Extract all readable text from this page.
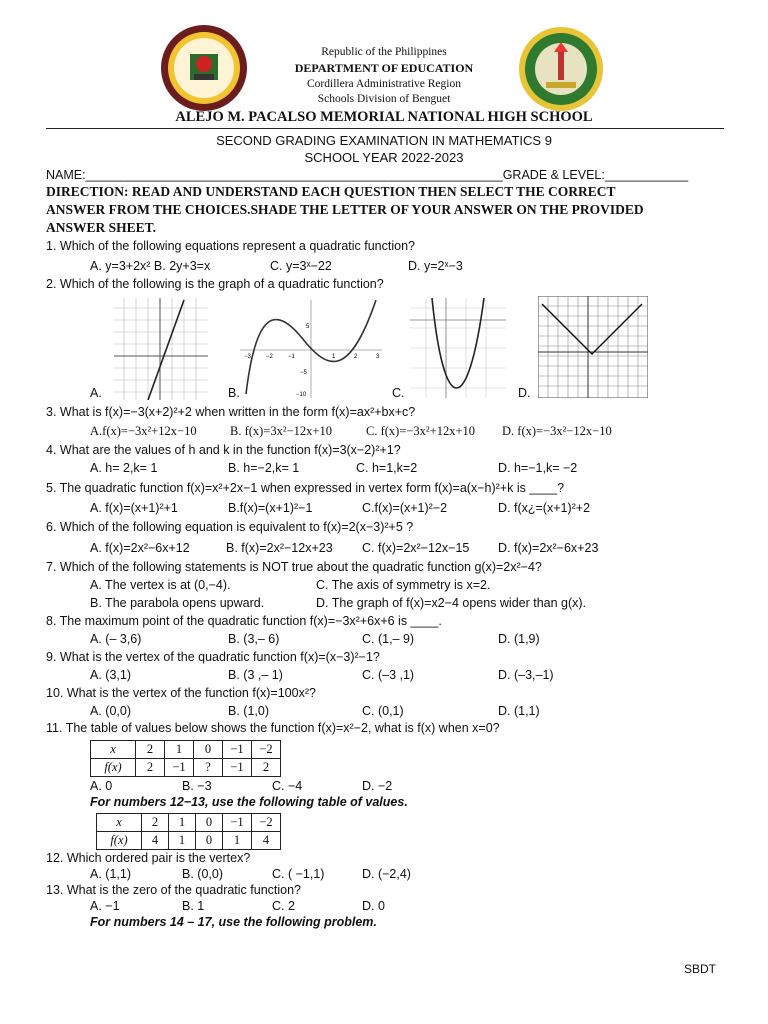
Republic of the Philippines
DEPARTMENT OF EDUCATION
Cordillera Administrative Region
Schools Division of Benguet
ALEJO M. PACALSO MEMORIAL NATIONAL HIGH SCHOOL
SECOND GRADING EXAMINATION IN MATHEMATICS 9
SCHOOL YEAR 2022-2023
NAME:____________________________________________________________GRADE & LEVEL:____________
DIRECTION: READ AND UNDERSTAND EACH QUESTION THEN SELECT THE CORRECT
ANSWER FROM THE CHOICES.SHADE THE LETTER OF YOUR ANSWER ON THE PROVIDED
ANSWER SHEET.
1. Which of the following equations represent a quadratic function?
A. y=3+2x² B. 2y+3=x	C. y=3ˣ−22	D. y=2ˣ−3
2. Which of the following is the graph of a quadratic function?
A.
5
−3	−2	−1	1	2	3
−5
−10
B.	C.	D.
3. What is f(x)=−3(x+2)²+2 when written in the form f(x)=ax²+bx+c?
A.f(x)=−3x²+12x−10	B. f(x)=3x²−12x+10	C. f(x)=−3x²+12x+10 D. f(x)=−3x²−12x−10
4. What are the values of h and k in the function f(x)=3(x−2)²+1?
A. h= 2,k= 1	B. h=−2,k= 1	C. h=1,k=2	D. h=−1,k= −2
5. The quadratic function f(x)=x²+2x−1 when expressed in vertex form f(x)=a(x−h)²+k is ____?
A. f(x)=(x+1)²+1	B.f(x)=(x+1)²−1	C.f(x)=(x+1)²−2	D. f(x¿=(x+1)²+2
6. Which of the following equation is equivalent to f(x)=2(x−3)²+5 ?
A. f(x)=2x²−6x+12	B. f(x)=2x²−12x+23 C. f(x)=2x²−12x−15 D. f(x)=2x²−6x+23
7. Which of the following statements is NOT true about the quadratic function g(x)=2x²−4?
A. The vertex is at (0,−4).	C. The axis of symmetry is x=2.
B. The parabola opens upward.	D. The graph of f(x)=x2−4 opens wider than g(x).
8. The maximum point of the quadratic function f(x)=−3x²+6x+6 is ____.
A. (– 3,6)	B. (3,– 6)	C. (1,– 9)	D. (1,9)
9. What is the vertex of the quadratic function f(x)=(x−3)²−1?
A. (3,1)	B. (3 ,– 1)	C. (–3 ,1)	D. (–3,–1)
10. What is the vertex of the function f(x)=100x²?
A. (0,0)	B. (1,0)	C. (0,1)	D. (1,1)
11. The table of values below shows the function f(x)=x²−2, what is f(x) when x=0?
x	2	1	0	−1	−2
f(x)	2	−1	?	−1	2
A. 0	B. −3	C. −4	D. −2
For numbers 12−13, use the following table of values.
x	2	1	0	−1	−2
f(x)	4	1	0	1	4
12. Which ordered pair is the vertex?
A. (1,1)	B. (0,0)	C. ( −1,1)	D. (−2,4)
13. What is the zero of the quadratic function?
A. −1	B. 1	C. 2	D. 0
For numbers 14 – 17, use the following problem.
SBDT
